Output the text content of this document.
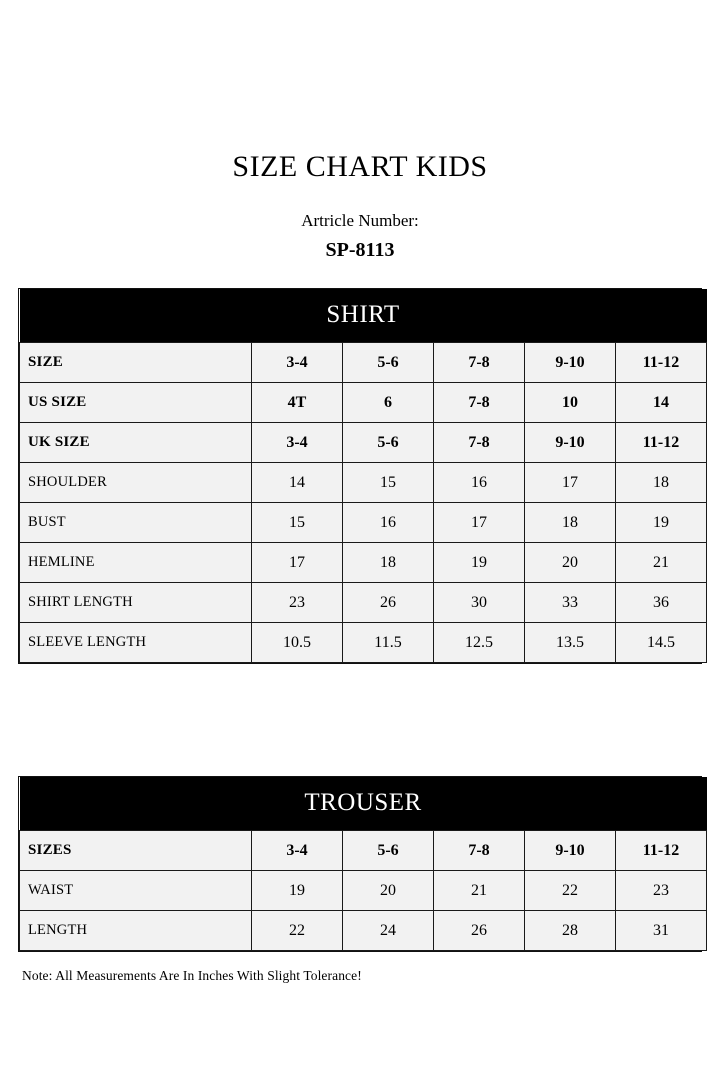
SIZE CHART KIDS

Artricle Number:

SP-8113

SHIRT					
SIZE	3-4	5-6	7-8	9-10	11-12
US SIZE	4T	6	7-8	10	14
UK SIZE	3-4	5-6	7-8	9-10	11-12
SHOULDER	14	15	16	17	18
BUST	15	16	17	18	19
HEMLINE	17	18	19	20	21
SHIRT LENGTH	23	26	30	33	36
SLEEVE LENGTH	10.5	11.5	12.5	13.5	14.5
TROUSER					
SIZES	3-4	5-6	7-8	9-10	11-12
WAIST	19	20	21	22	23
LENGTH	22	24	26	28	31
Note: All Measurements Are In Inches With Slight Tolerance!
